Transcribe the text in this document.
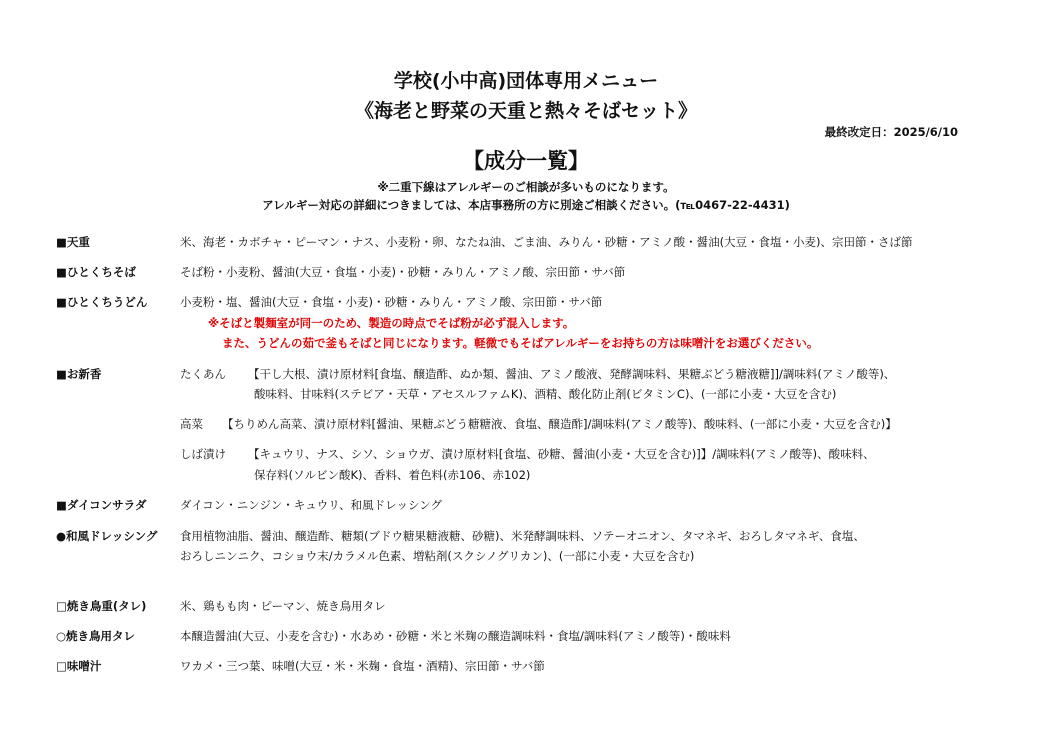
学校(小中高)団体専用メニュー
《海老と野菜の天重と熱々そばセット》
最終改定日：2025/6/10
【成分一覧】
※二重下線はアレルギーのご相談が多いものになります。
アレルギー対応の詳細につきましては、本店事務所の方に別途ご相談ください。(℡0467-22-4431)
■天重	米、海老・カボチャ・ピーマン・ナス、小麦粉・卵、なたね油、ごま油、みりん・砂糖・アミノ酸・醤油(大豆・食塩・小麦)、宗田節・さば節
■ひとくちそば	そば粉・小麦粉、醤油(大豆・食塩・小麦)・砂糖・みりん・アミノ酸、宗田節・サバ節
■ひとくちうどん	小麦粉・塩、醤油(大豆・食塩・小麦)・砂糖・みりん・アミノ酸、宗田節・サバ節
※そばと製麺室が同一のため、製造の時点でそば粉が必ず混入します。
また、うどんの茹で釜もそばと同じになります。軽微でもそばアレルギーをお持ちの方は味噌汁をお選びください。
■お新香	たくあん 【干し大根、漬け原材料[食塩、醸造酢、ぬか類、醤油、アミノ酸液、発酵調味料、果糖ぶどう糖液糖]]/調味料(アミノ酸等)、
酸味料、甘味料(ステビア・天草・アセスルファムK)、酒精、酸化防止剤(ビタミンC)、(一部に小麦・大豆を含む)
高菜 【ちりめん高菜、漬け原材料[醤油、果糖ぶどう糖糖液、食塩、醸造酢]/調味料(アミノ酸等)、酸味料、(一部に小麦・大豆を含む)】
しば漬け 【キュウリ、ナス、シソ、ショウガ、漬け原材料[食塩、砂糖、醤油(小麦・大豆を含む)]】/調味料(アミノ酸等)、酸味料、
保存料(ソルビン酸K)、香料、着色料(赤106、赤102)
■ダイコンサラダ	ダイコン・ニンジン・キュウリ、和風ドレッシング
●和風ドレッシング 食用植物油脂、醤油、醸造酢、糖類(ブドウ糖果糖液糖、砂糖)、米発酵調味料、ソテーオニオン、タマネギ、おろしタマネギ、食塩、
おろしニンニク、コショウ末/カラメル色素、増粘剤(スクシノグリカン)、(一部に小麦・大豆を含む)
□焼き鳥重(タレ)	米、鶏もも肉・ピーマン、焼き鳥用タレ
○焼き鳥用タレ	本醸造醤油(大豆、小麦を含む)・水あめ・砂糖・米と米麹の醸造調味料・食塩/調味料(アミノ酸等)・酸味料
□味噌汁	ワカメ・三つ葉、味噌(大豆・米・米麹・食塩・酒精)、宗田節・サバ節
